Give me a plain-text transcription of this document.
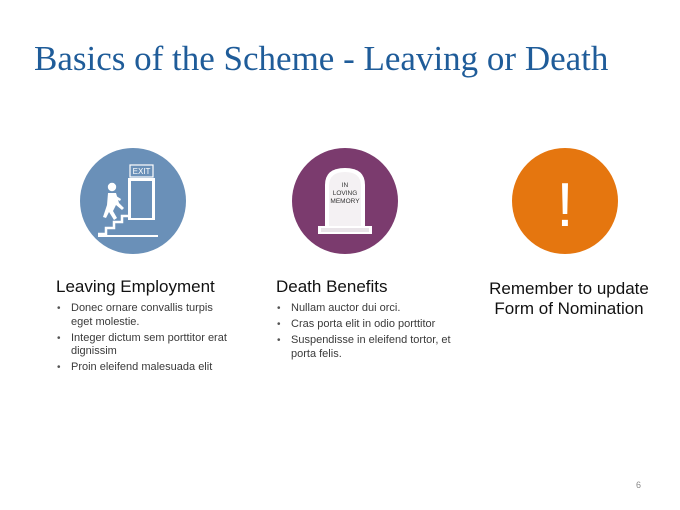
Basics of the Scheme - Leaving or Death
EXIT
Leaving Employment
• Donec ornare convallis turpis eget molestie.
• Integer dictum sem porttitor erat dignissim
• Proin eleifend malesuada elit
IN
LOVING
MEMORY
Death Benefits
• Nullam auctor dui orci.
• Cras porta elit in odio porttitor
• Suspendisse in eleifend tortor, et porta felis.
!

Remember to update
Form of Nomination

6
